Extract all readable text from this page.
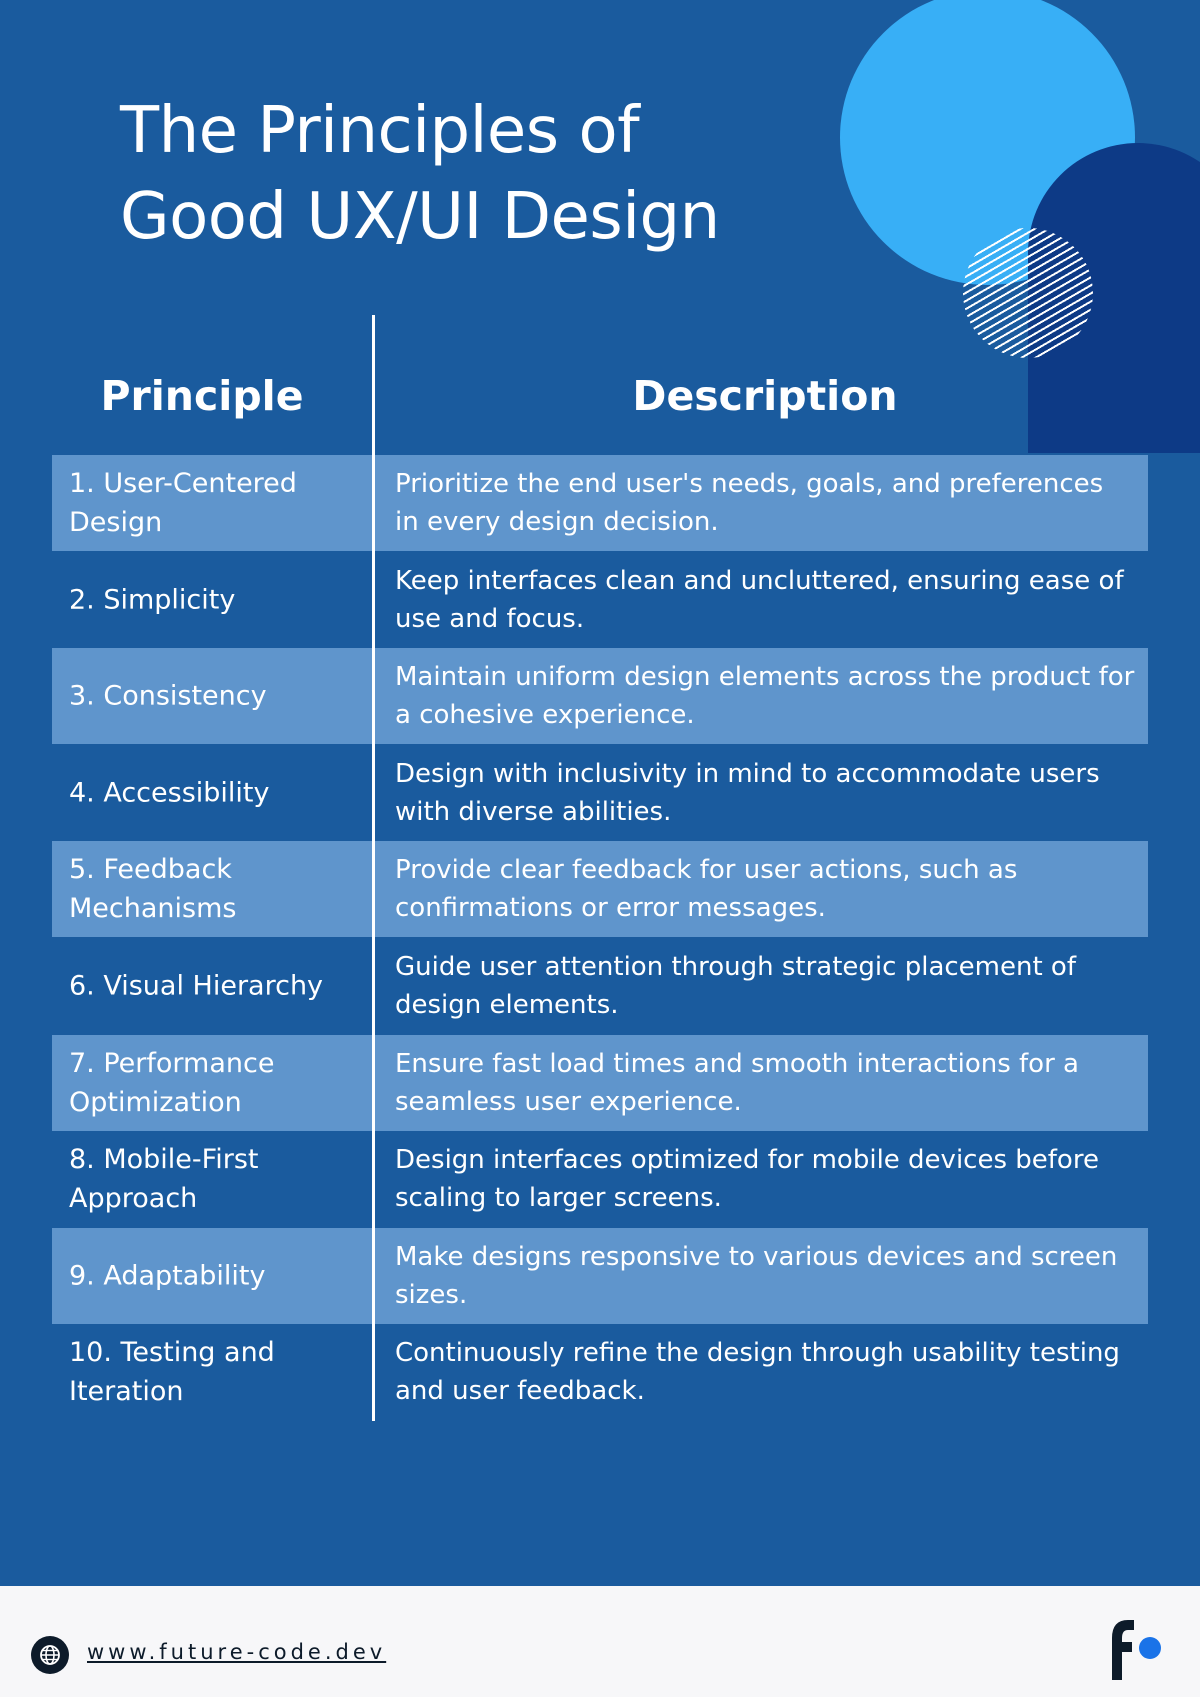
The Principles of
Good UX/UI Design
Principle	Description
1. User-Centered Design
Prioritize the end user's needs, goals, and preferences in every design decision.
2. Simplicity
Keep interfaces clean and uncluttered, ensuring ease of use and focus.
3. Consistency
Maintain uniform design elements across the product for a cohesive experience.
4. Accessibility
Design with inclusivity in mind to accommodate users with diverse abilities.
5. Feedback Mechanisms
Provide clear feedback for user actions, such as confirmations or error messages.
6. Visual Hierarchy
Guide user attention through strategic placement of design elements.
7. Performance Optimization
Ensure fast load times and smooth interactions for a seamless user experience.
8. Mobile-First Approach
Design interfaces optimized for mobile devices before scaling to larger screens.
9. Adaptability
Make designs responsive to various devices and screen sizes.
10. Testing and Iteration
Continuously refine the design through usability testing and user feedback.
www.future-code.dev
